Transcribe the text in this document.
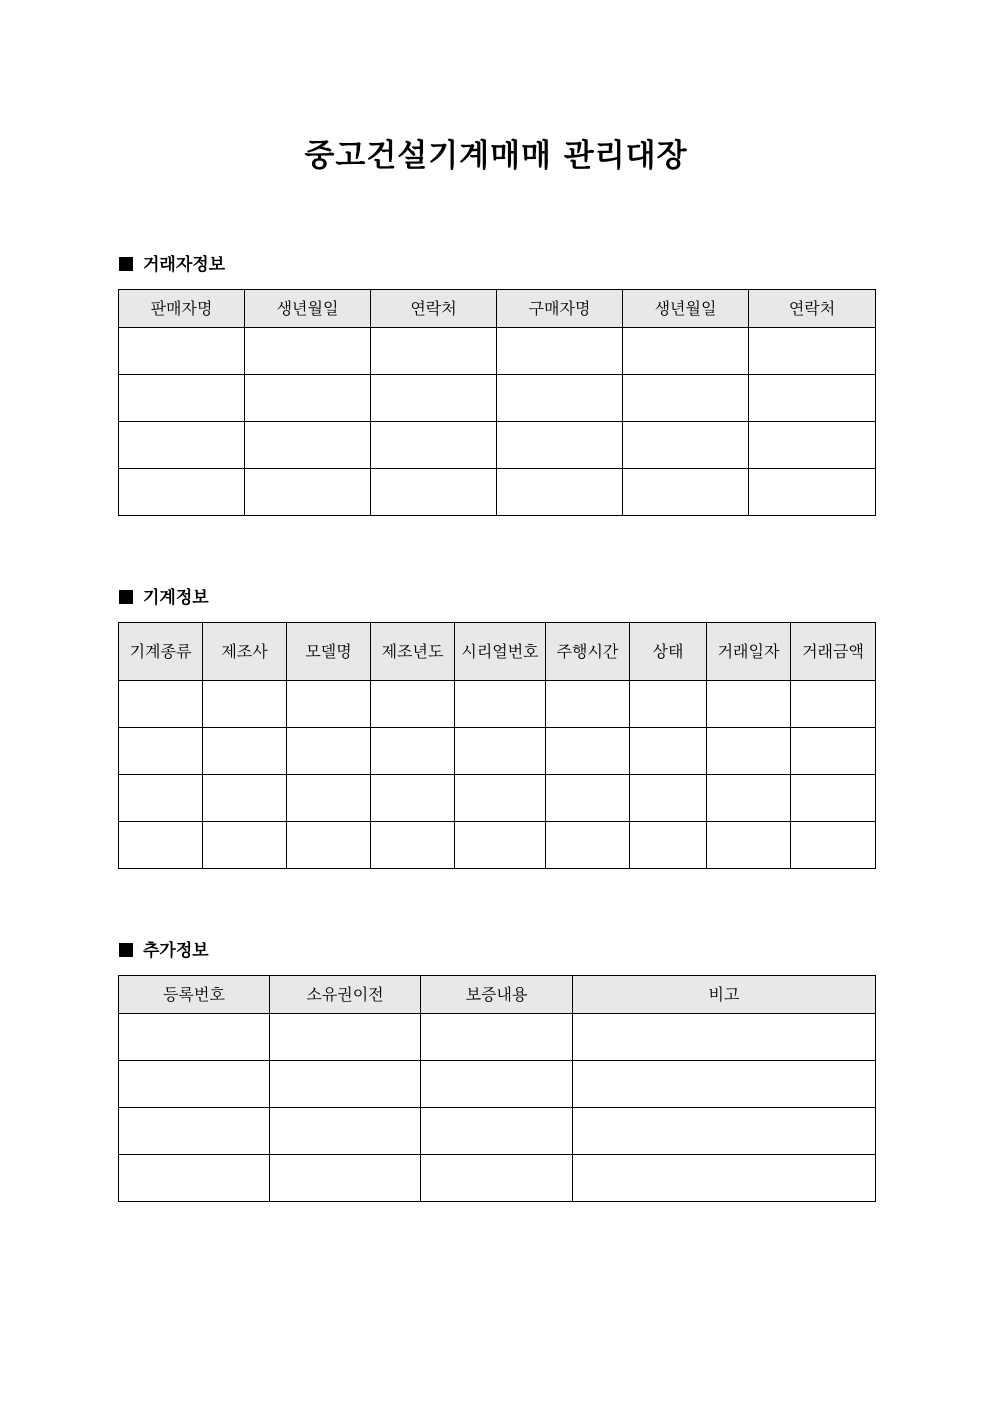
중고건설기계매매 관리대장
거래자정보
판매자명	생년월일	연락처	구매자명	생년월일	연락처

기계정보
기계종류	제조사	모델명	제조년도	시리얼번호	주행시간	상태	거래일자	거래금액

추가정보
등록번호	소유권이전	보증내용	비고
